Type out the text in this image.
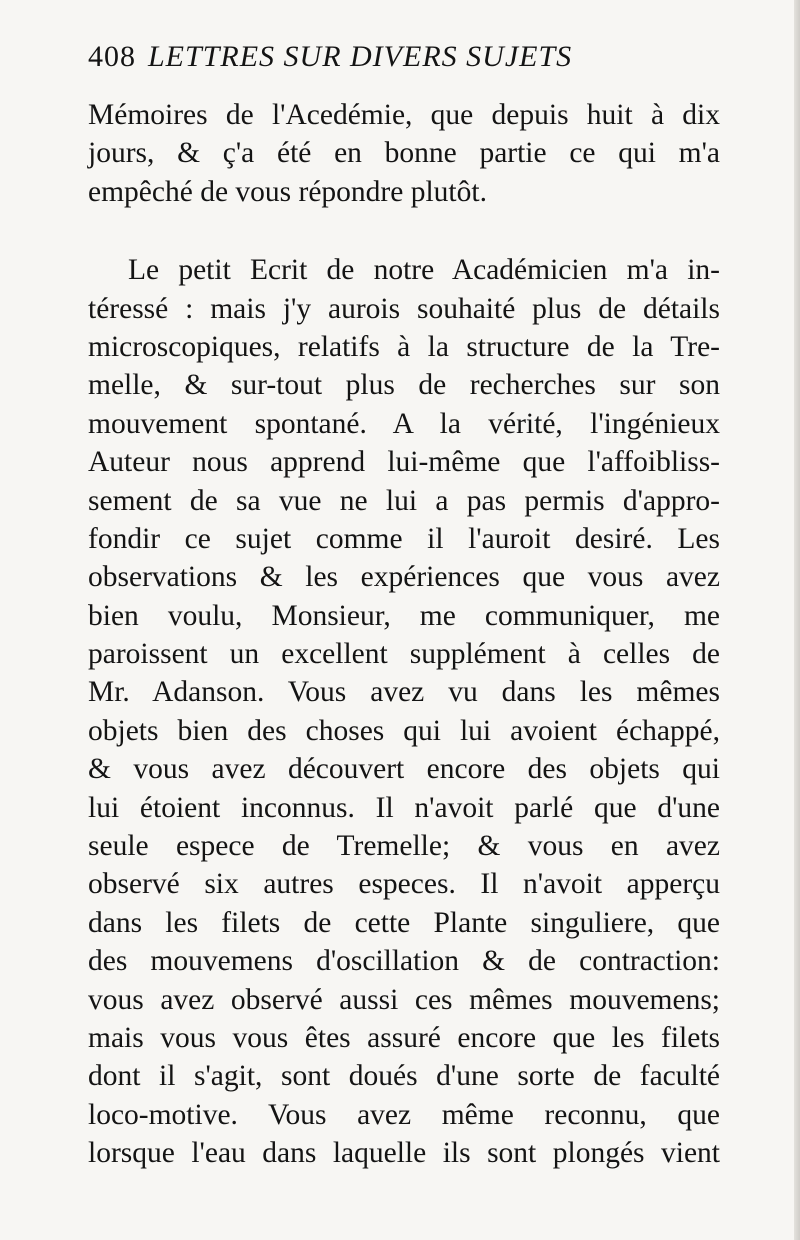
408 LETTRES SUR DIVERS SUJETS
Mémoires de l'Acedémie, que depuis huit à dix
jours, & ç'a été en bonne partie ce qui m'a
empêché de vous répondre plutôt.
Le petit Ecrit de notre Académicien m'a in-
téressé : mais j'y aurois souhaité plus de détails
microscopiques, relatifs à la structure de la Tre-
melle, & sur-tout plus de recherches sur son
mouvement spontané. A la vérité, l'ingénieux
Auteur nous apprend lui-même que l'affoibliss-
sement de sa vue ne lui a pas permis d'appro-
fondir ce sujet comme il l'auroit desiré. Les
observations & les expériences que vous avez
bien voulu, Monsieur, me communiquer, me
paroissent un excellent supplément à celles de
Mr. Adanson. Vous avez vu dans les mêmes
objets bien des choses qui lui avoient échappé,
& vous avez découvert encore des objets qui
lui étoient inconnus. Il n'avoit parlé que d'une
seule espece de Tremelle; & vous en avez
observé six autres especes. Il n'avoit apperçu
dans les filets de cette Plante singuliere, que
des mouvemens d'oscillation & de contraction:
vous avez observé aussi ces mêmes mouvemens;
mais vous vous êtes assuré encore que les filets
dont il s'agit, sont doués d'une sorte de faculté
loco-motive. Vous avez même reconnu, que
lorsque l'eau dans laquelle ils sont plongés vient
